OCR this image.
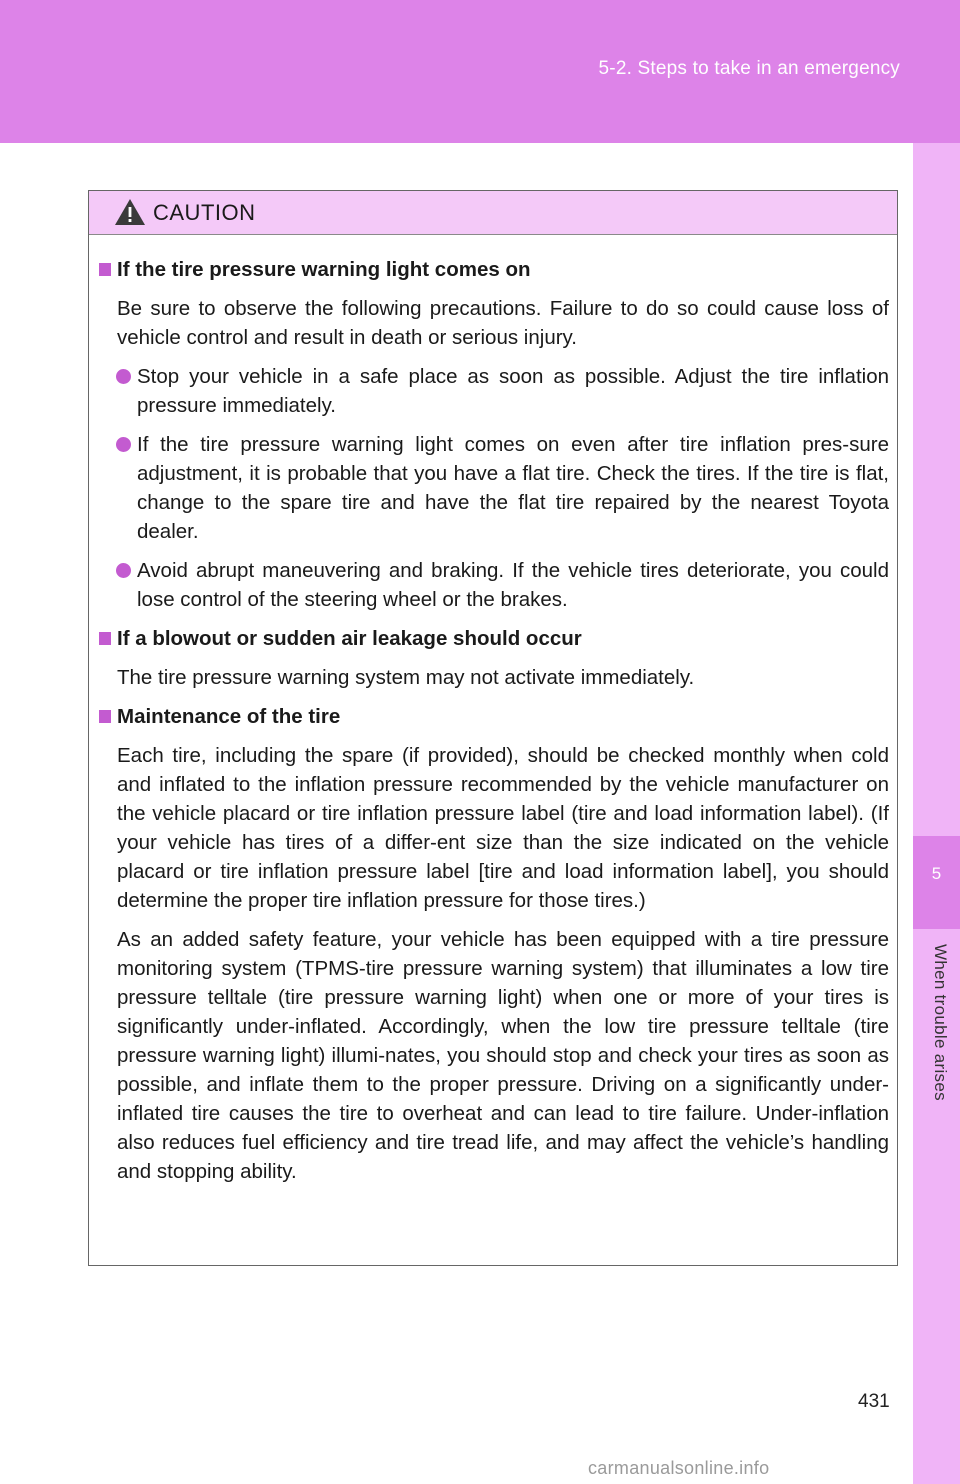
5-2. Steps to take in an emergency
5
When trouble arises
CAUTION
If the tire pressure warning light comes on
Be sure to observe the following precautions. Failure to do so could cause loss of vehicle control and result in death or serious injury.
Stop your vehicle in a safe place as soon as possible. Adjust the tire inflation pressure immediately.
If the tire pressure warning light comes on even after tire inflation pres-sure adjustment, it is probable that you have a flat tire. Check the tires. If the tire is flat, change to the spare tire and have the flat tire repaired by the nearest Toyota dealer.
Avoid abrupt maneuvering and braking. If the vehicle tires deteriorate, you could lose control of the steering wheel or the brakes.
If a blowout or sudden air leakage should occur
The tire pressure warning system may not activate immediately.
Maintenance of the tire
Each tire, including the spare (if provided), should be checked monthly when cold and inflated to the inflation pressure recommended by the vehicle manufacturer on the vehicle placard or tire inflation pressure label (tire and load information label). (If your vehicle has tires of a differ-ent size than the size indicated on the vehicle placard or tire inflation pressure label [tire and load information label], you should determine the proper tire inflation pressure for those tires.)
As an added safety feature, your vehicle has been equipped with a tire pressure monitoring system (TPMS-tire pressure warning system) that illuminates a low tire pressure telltale (tire pressure warning light) when one or more of your tires is significantly under-inflated. Accordingly, when the low tire pressure telltale (tire pressure warning light) illumi-nates, you should stop and check your tires as soon as possible, and inflate them to the proper pressure. Driving on a significantly under-inflated tire causes the tire to overheat and can lead to tire failure. Under-inflation also reduces fuel efficiency and tire tread life, and may affect the vehicle’s handling and stopping ability.
431
carmanualsonline.info
